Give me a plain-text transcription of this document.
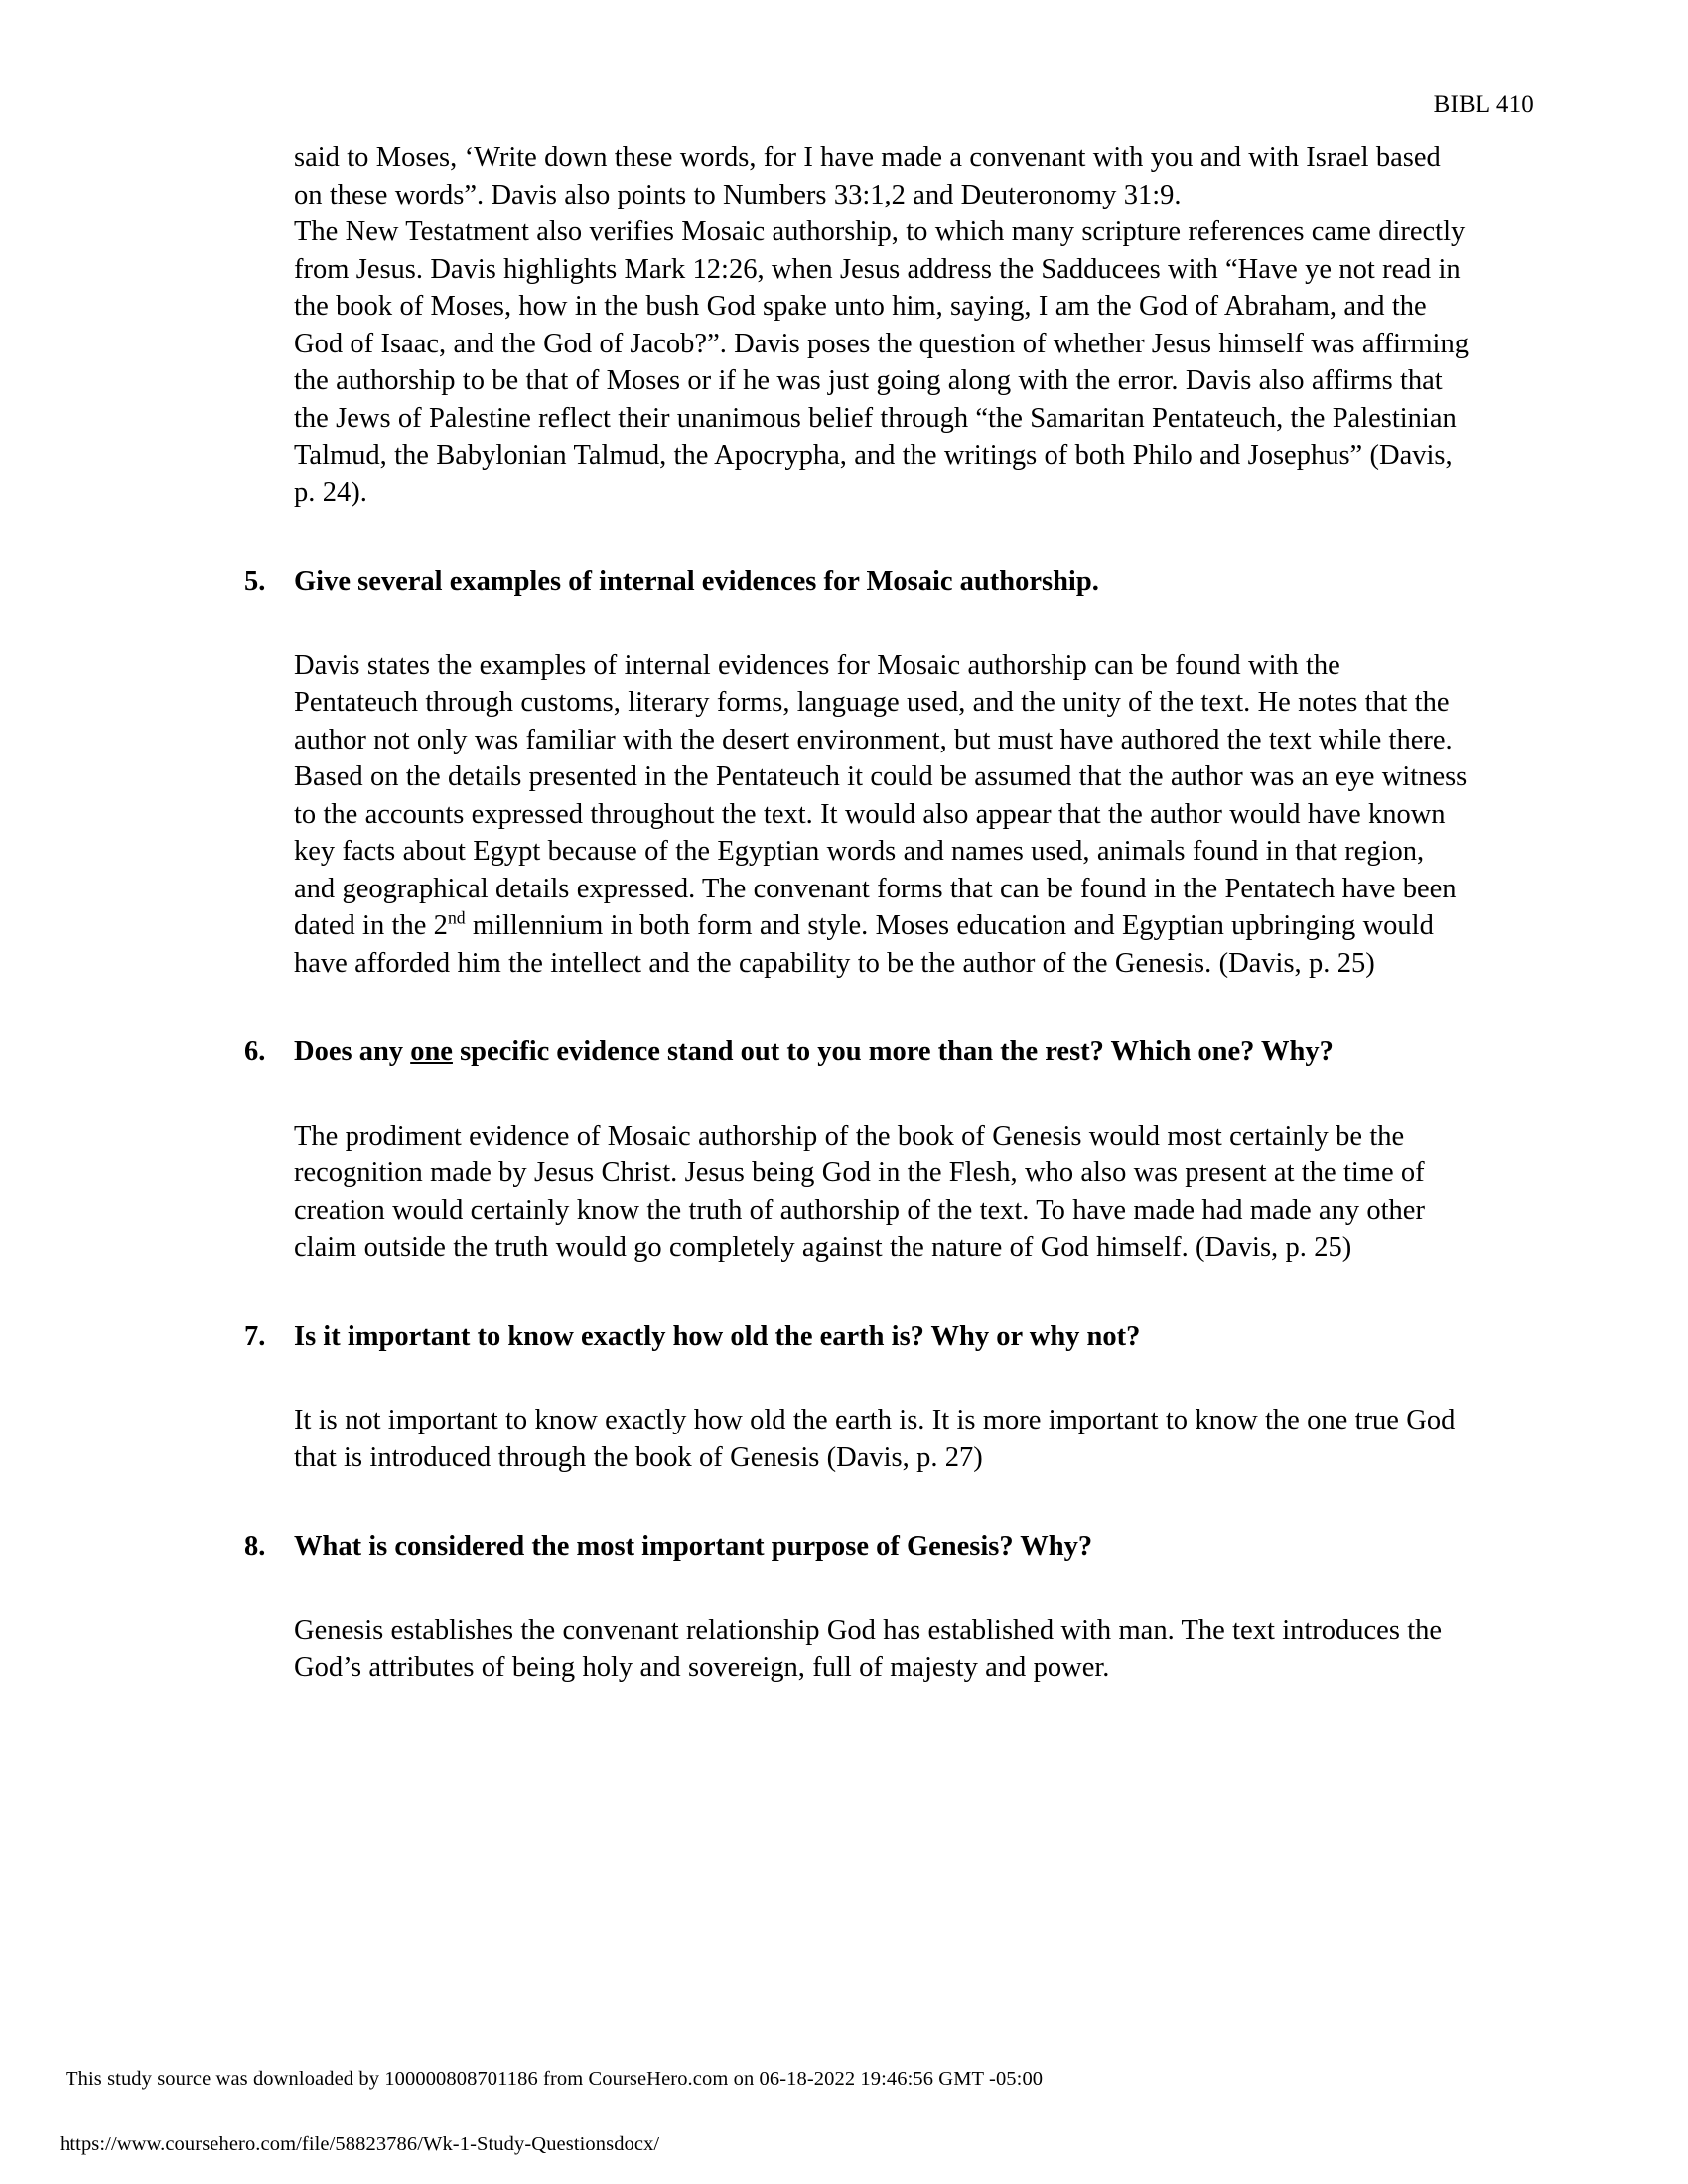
BIBL 410

said to Moses, ‘Write down these words, for I have made a convenant with you and with Israel based on these words”. Davis also points to Numbers 33:1,2 and Deuteronomy 31:9.

The New Testatment also verifies Mosaic authorship, to which many scripture references came directly from Jesus. Davis highlights Mark 12:26, when Jesus address the Sadducees with “Have ye not read in the book of Moses, how in the bush God spake unto him, saying, I am the God of Abraham, and the God of Isaac, and the God of Jacob?”. Davis poses the question of whether Jesus himself was affirming the authorship to be that of Moses or if he was just going along with the error. Davis also affirms that the Jews of Palestine reflect their unanimous belief through “the Samaritan Pentateuch, the Palestinian Talmud, the Babylonian Talmud, the Apocrypha, and the writings of both Philo and Josephus” (Davis, p. 24).

5.	Give several examples of internal evidences for Mosaic authorship.

Davis states the examples of internal evidences for Mosaic authorship can be found with the Pentateuch through customs, literary forms, language used, and the unity of the text. He notes that the author not only was familiar with the desert environment, but must have authored the text while there. Based on the details presented in the Pentateuch it could be assumed that the author was an eye witness to the accounts expressed throughout the text. It would also appear that the author would have known key facts about Egypt because of the Egyptian words and names used, animals found in that region, and geographical details expressed. The convenant forms that can be found in the Pentatech have been dated in the 2nd millennium in both form and style. Moses education and Egyptian upbringing would have afforded him the intellect and the capability to be the author of the Genesis. (Davis, p. 25)

6.	Does any one specific evidence stand out to you more than the rest? Which one? Why?

The prodiment evidence of Mosaic authorship of the book of Genesis would most certainly be the recognition made by Jesus Christ. Jesus being God in the Flesh, who also was present at the time of creation would certainly know the truth of authorship of the text. To have made had made any other claim outside the truth would go completely against the nature of God himself. (Davis, p. 25)

7.	Is it important to know exactly how old the earth is? Why or why not?

It is not important to know exactly how old the earth is. It is more important to know the one true God that is introduced through the book of Genesis (Davis, p. 27)

8.	What is considered the most important purpose of Genesis? Why?

Genesis establishes the convenant relationship God has established with man. The text introduces the God’s attributes of being holy and sovereign, full of majesty and power.

This study source was downloaded by 100000808701186 from CourseHero.com on 06-18-2022 19:46:56 GMT -05:00
https://www.coursehero.com/file/58823786/Wk-1-Study-Questionsdocx/
